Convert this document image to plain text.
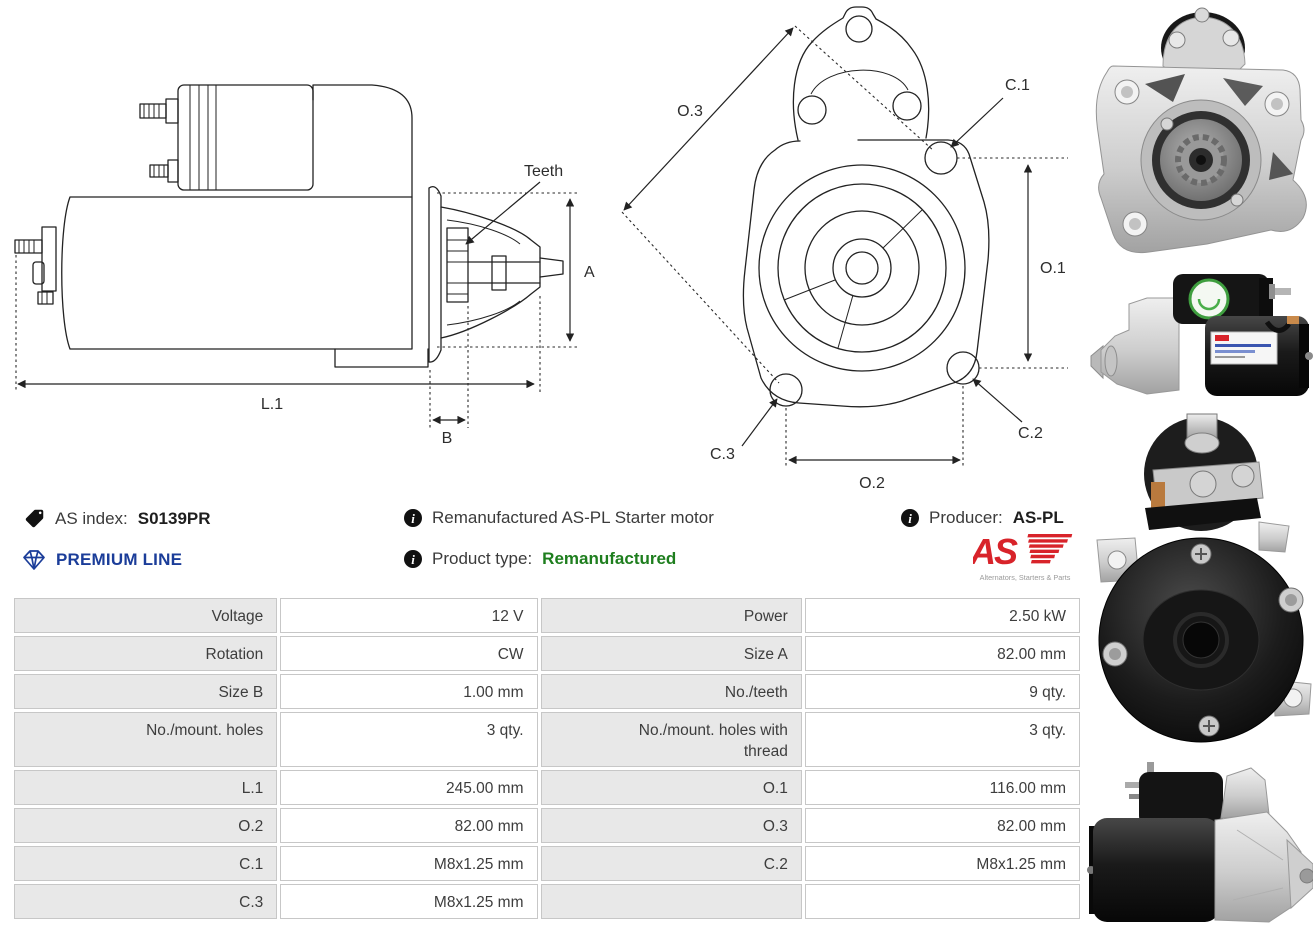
Teeth
A
L.1
B
O.3
C.1
O.1
C.2
C.3
O.2
AS index: S0139PR
PREMIUM LINE
i
Remanufactured AS-PL Starter motor
i
Product type: Remanufactured
i
Producer: AS-PL
AS
Alternators, Starters & Parts
Voltage	12 V	Power	2.50 kW
Rotation	CW	Size A	82.00 mm
Size B	1.00 mm	No./teeth	9 qty.
No./mount. holes	3 qty.	No./mount. holes with thread	3 qty.
L.1	245.00 mm	O.1	116.00 mm
O.2	82.00 mm	O.3	82.00 mm
C.1	M8x1.25 mm	C.2	M8x1.25 mm
C.3	M8x1.25 mm		
